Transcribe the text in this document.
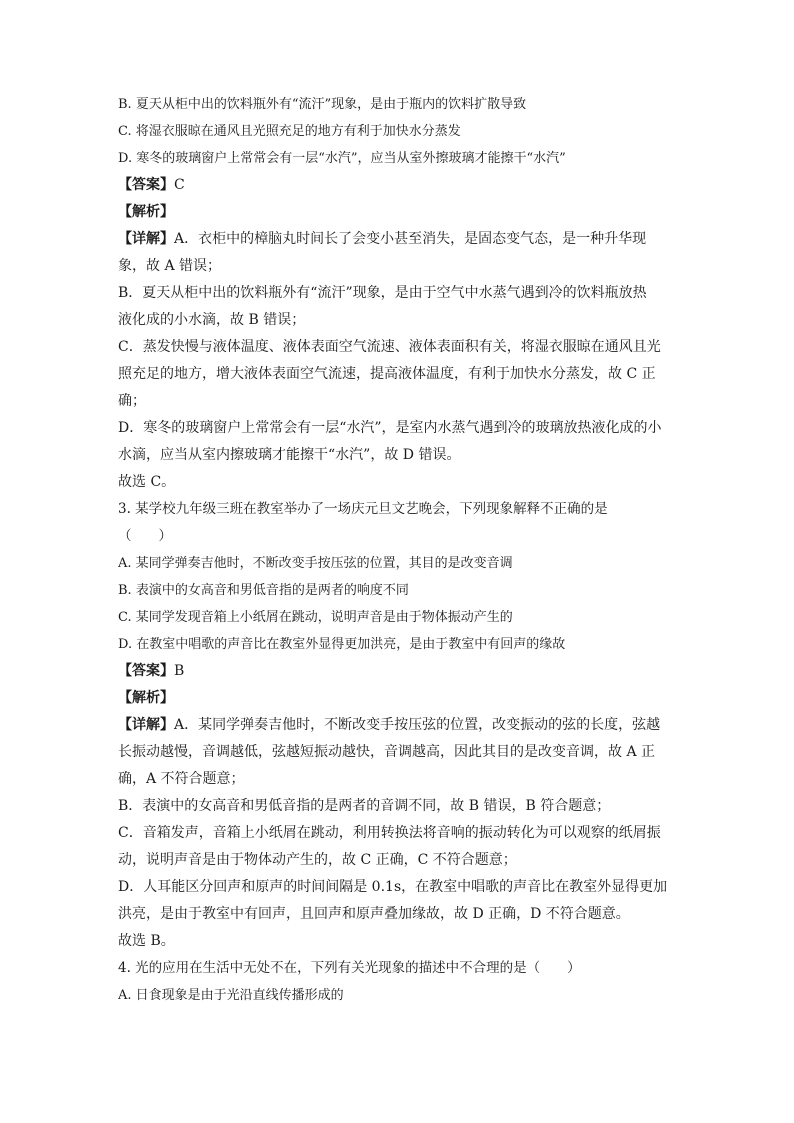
B. 夏天从柜中出的饮料瓶外有“流汗”现象，是由于瓶内的饮料扩散导致
C. 将湿衣服晾在通风且光照充足的地方有利于加快水分蒸发
D. 寒冬的玻璃窗户上常常会有一层“水汽”，应当从室外擦玻璃才能擦干“水汽”
【答案】C
【解析】
【详解】A．衣柜中的樟脑丸时间长了会变小甚至消失，是固态变气态，是一种升华现
象，故 A 错误；
B．夏天从柜中出的饮料瓶外有“流汗”现象，是由于空气中水蒸气遇到冷的饮料瓶放热
液化成的小水滴，故 B 错误；
C．蒸发快慢与液体温度、液体表面空气流速、液体表面积有关，将湿衣服晾在通风且光
照充足的地方，增大液体表面空气流速，提高液体温度，有利于加快水分蒸发，故 C 正
确；
D．寒冬的玻璃窗户上常常会有一层“水汽”，是室内水蒸气遇到冷的玻璃放热液化成的小
水滴，应当从室内擦玻璃才能擦干“水汽”，故 D 错误。
故选 C。
3. 某学校九年级三班在教室举办了一场庆元旦文艺晚会，下列现象解释不正确的是
（　　）
A. 某同学弹奏吉他时，不断改变手按压弦的位置，其目的是改变音调
B. 表演中的女高音和男低音指的是两者的响度不同
C. 某同学发现音箱上小纸屑在跳动，说明声音是由于物体振动产生的
D. 在教室中唱歌的声音比在教室外显得更加洪亮，是由于教室中有回声的缘故
【答案】B
【解析】
【详解】A．某同学弹奏吉他时，不断改变手按压弦的位置，改变振动的弦的长度，弦越
长振动越慢，音调越低，弦越短振动越快，音调越高，因此其目的是改变音调，故 A 正
确，A 不符合题意；
B．表演中的女高音和男低音指的是两者的音调不同，故 B 错误，B 符合题意；
C．音箱发声，音箱上小纸屑在跳动，利用转换法将音响的振动转化为可以观察的纸屑振
动，说明声音是由于物体动产生的，故 C 正确，C 不符合题意；
D．人耳能区分回声和原声的时间间隔是 0.1s，在教室中唱歌的声音比在教室外显得更加
洪亮，是由于教室中有回声，且回声和原声叠加缘故，故 D 正确，D 不符合题意。
故选 B。
4. 光的应用在生活中无处不在，下列有关光现象的描述中不合理的是（　　）
A. 日食现象是由于光沿直线传播形成的
